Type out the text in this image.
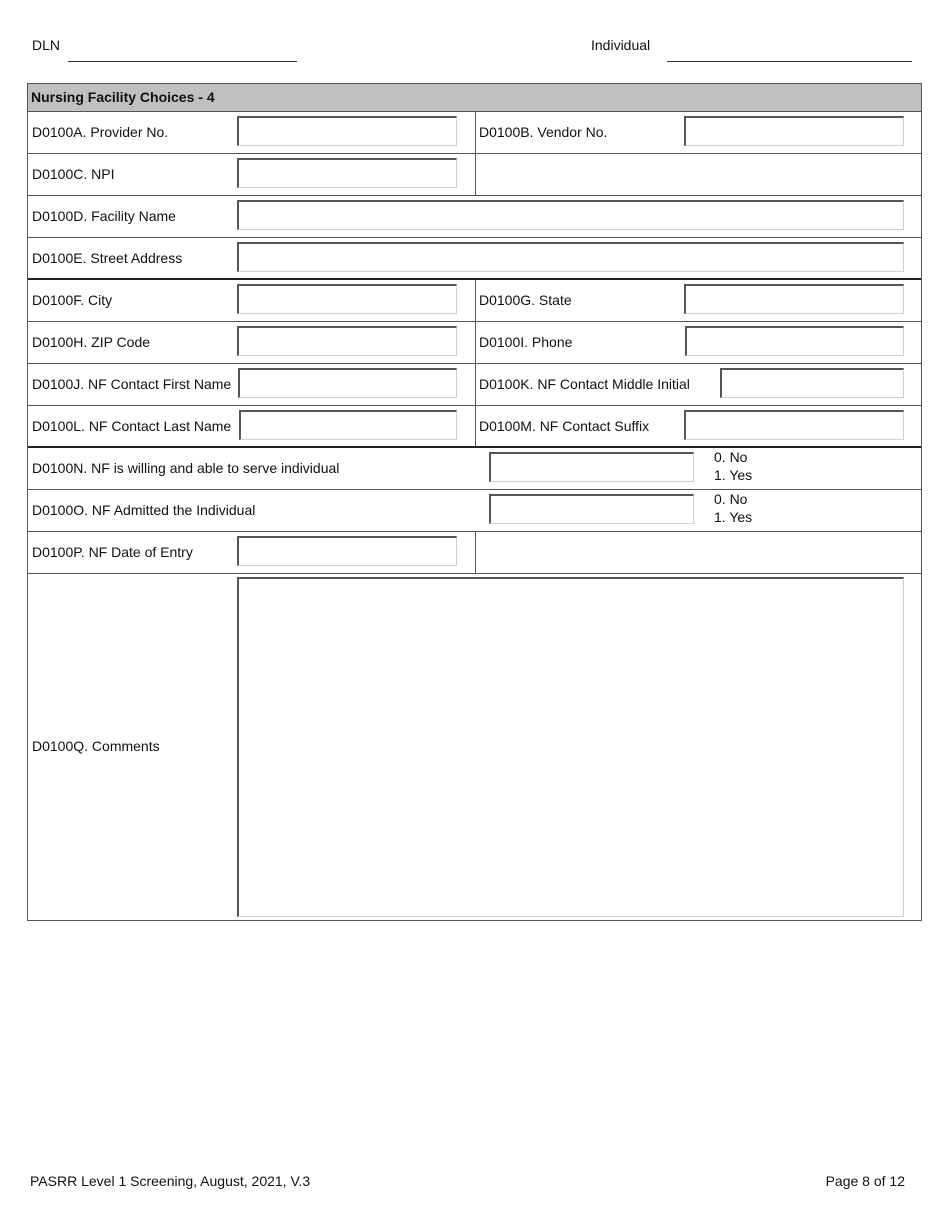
DLN	Individual
Nursing Facility Choices - 4
D0100A. Provider No.	D0100B. Vendor No.
D0100C. NPI
D0100D. Facility Name
D0100E. Street Address
D0100F. City	D0100G. State
D0100H. ZIP Code	D0100I. Phone
D0100J. NF Contact First Name	D0100K. NF Contact Middle Initial
D0100L. NF Contact Last Name	D0100M. NF Contact Suffix
D0100N. NF is willing and able to serve individual
0. No
1. Yes
D0100O. NF Admitted the Individual
0. No
1. Yes
D0100P. NF Date of Entry
D0100Q. Comments
PASRR Level 1 Screening, August, 2021, V.3	Page 8 of 12
